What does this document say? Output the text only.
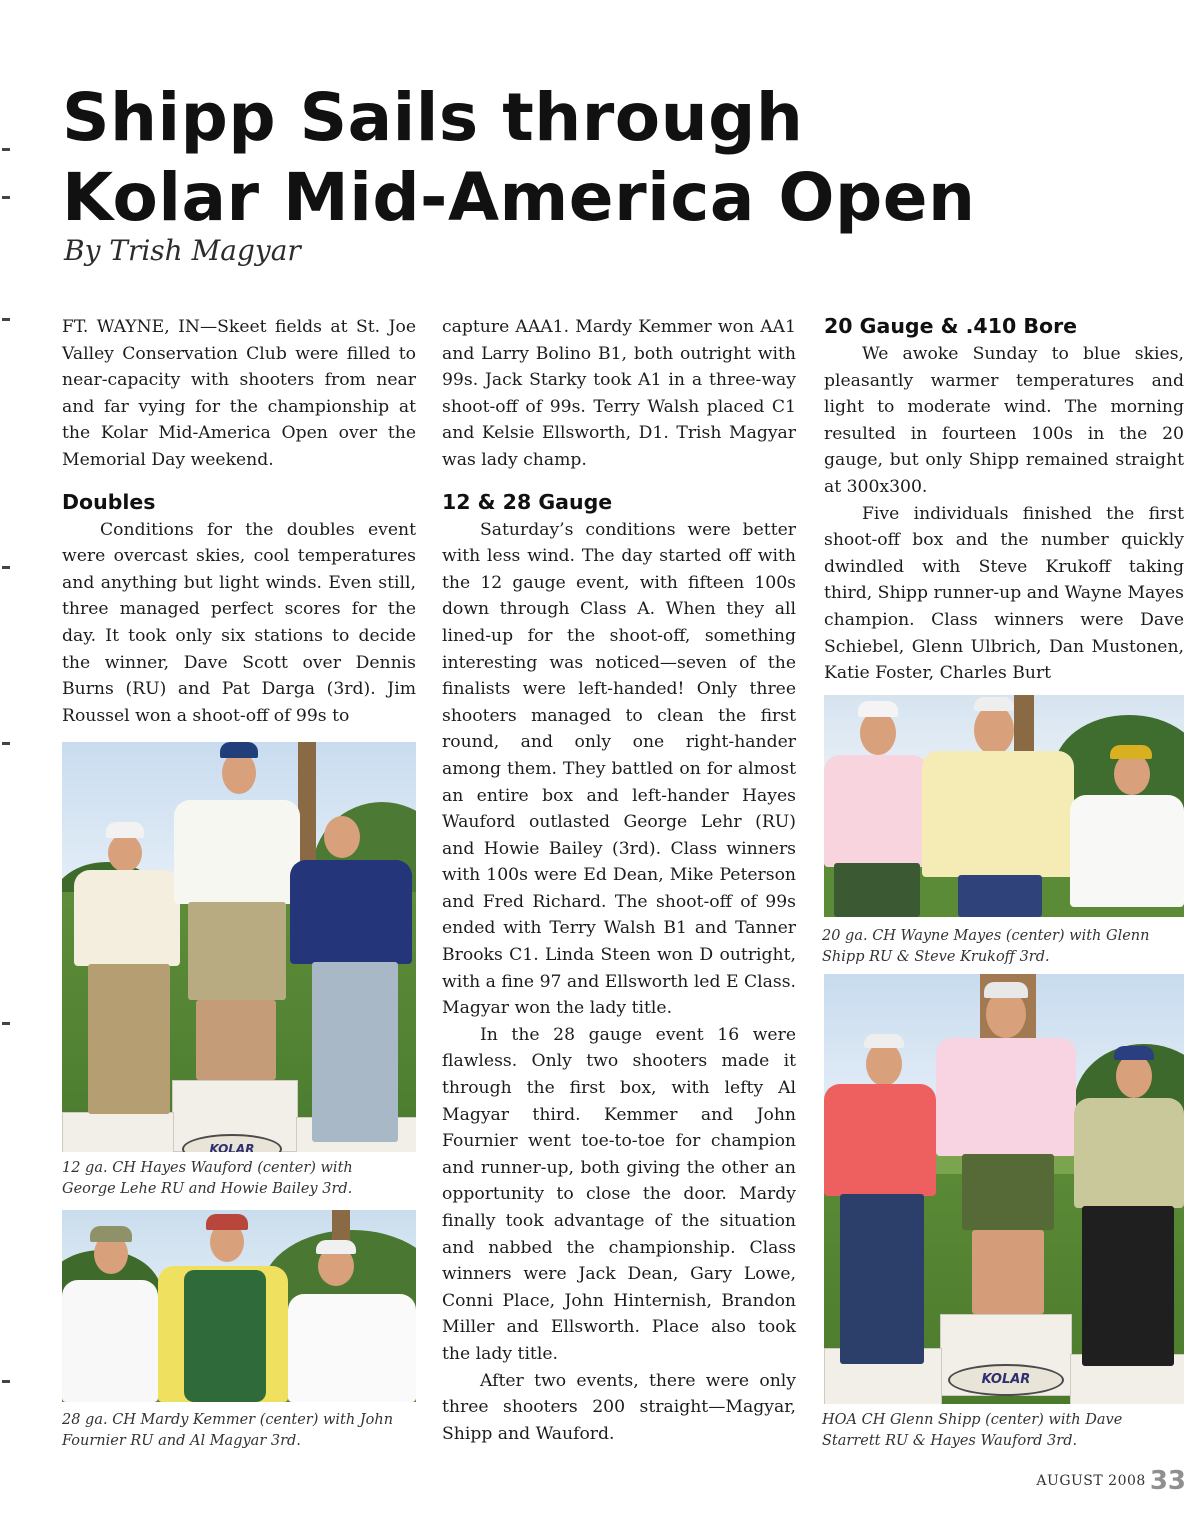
Shipp Sails through
Kolar Mid-America Open
By Trish Magyar

FT. WAYNE, IN—Skeet fields at St. Joe Valley Conservation Club were filled to near-capacity with shooters from near and far vying for the championship at the Kolar Mid-America Open over the Memorial Day weekend.

Doubles

Conditions for the doubles event were overcast skies, cool temperatures and anything but light winds. Even still, three managed perfect scores for the day. It took only six stations to decide the winner, Dave Scott over Dennis Burns (RU) and Pat Darga (3rd). Jim Roussel won a shoot-off of 99s to

capture AAA1. Mardy Kemmer won AA1 and Larry Bolino B1, both outright with 99s. Jack Starky took A1 in a three-way shoot-off of 99s. Terry Walsh placed C1 and Kelsie Ellsworth, D1. Trish Magyar was lady champ.

12 & 28 Gauge

Saturday’s conditions were better with less wind. The day started off with the 12 gauge event, with fifteen 100s down through Class A. When they all lined-up for the shoot-off, something interesting was noticed—seven of the finalists were left-handed! Only three shooters managed to clean the first round, and only one right-hander among them. They battled on for almost an entire box and left-hander Hayes Wauford outlasted George Lehr (RU) and Howie Bailey (3rd). Class winners with 100s were Ed Dean, Mike Peterson and Fred Richard. The shoot-off of 99s ended with Terry Walsh B1 and Tanner Brooks C1. Linda Steen won D outright, with a fine 97 and Ellsworth led E Class. Magyar won the lady title.

In the 28 gauge event 16 were flawless. Only two shooters made it through the first box, with lefty Al Magyar third. Kemmer and John Fournier went toe-to-toe for champion and runner-up, both giving the other an opportunity to close the door. Mardy finally took advantage of the situation and nabbed the championship. Class winners were Jack Dean, Gary Lowe, Conni Place, John Hinternish, Brandon Miller and Ellsworth. Place also took the lady title.

After two events, there were only three shooters 200 straight—Magyar, Shipp and Wauford.

20 Gauge & .410 Bore

We awoke Sunday to blue skies, pleasantly warmer temperatures and light to moderate wind. The morning resulted in fourteen 100s in the 20 gauge, but only Shipp remained straight at 300x300.

Five individuals finished the first shoot-off box and the number quickly dwindled with Steve Krukoff taking third, Shipp runner-up and Wayne Mayes champion. Class winners were Dave Schiebel, Glenn Ulbrich, Dan Mustonen, Katie Foster, Charles Burt

KOLAR
12 ga. CH Hayes Wauford (center) with George Lehe RU and Howie Bailey 3rd.
28 ga. CH Mardy Kemmer (center) with John Fournier RU and Al Magyar 3rd.
20 ga. CH Wayne Mayes (center) with Glenn Shipp RU & Steve Krukoff 3rd.
KOLAR
HOA CH Glenn Shipp (center) with Dave Starrett RU & Hayes Wauford 3rd.
AUGUST 2008 33
